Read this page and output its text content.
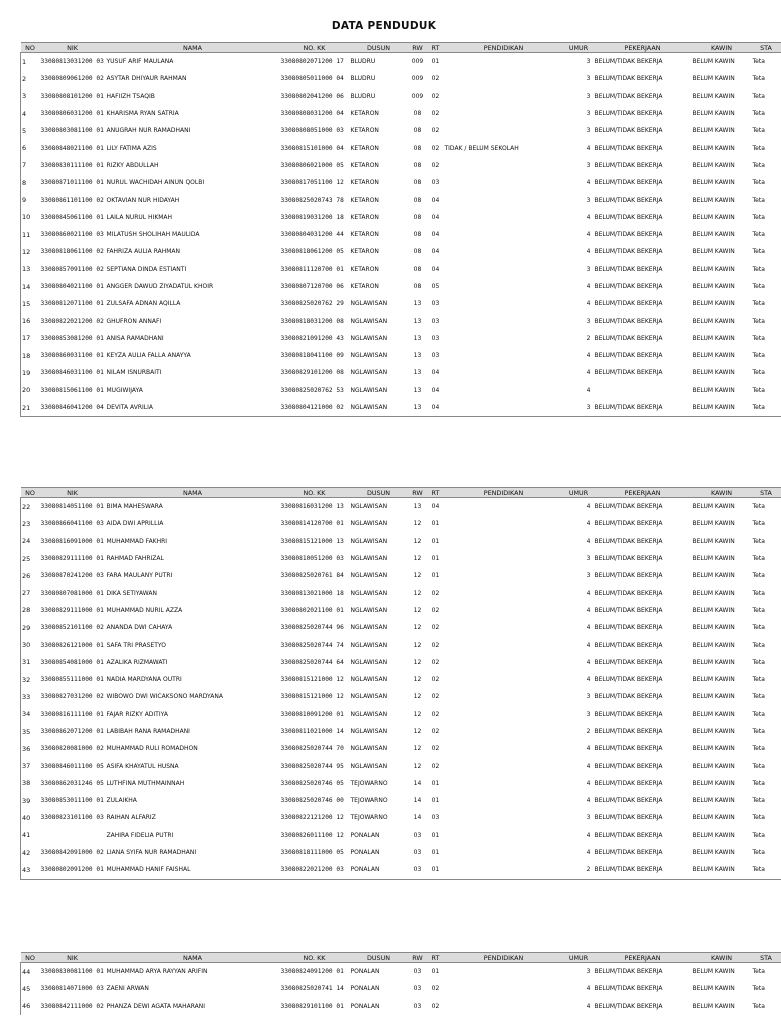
DATA PENDUDUK
NO	NIK	NAMA	NO. KK	DUSUN	RW	RT	PENDIDIKAN	UMUR	PEKERJAAN	KAWIN	STA
1	33080813031200 03	YUSUF ARIF MAULANA	33080802071200 17	BLUDRU	009	01		3	BELUM/TIDAK BEKERJA	BELUM KAWIN	Teta
2	33080809061200 02	ASYTAR DHIYAUR RAHMAN	33080805011000 04	BLUDRU	009	02		3	BELUM/TIDAK BEKERJA	BELUM KAWIN	Teta
3	33080808101200 01	HAFIIZH TSAQIB	33080802041200 06	BLUDRU	009	02		3	BELUM/TIDAK BEKERJA	BELUM KAWIN	Teta
4	33080806031200 01	KHARISMA RYAN SATRIA	33080808031200 04	KETARON	08	02		3	BELUM/TIDAK BEKERJA	BELUM KAWIN	Teta
5	33080803081100 01	ANUGRAH NUR RAMADHANI	33080808051000 03	KETARON	08	02		3	BELUM/TIDAK BEKERJA	BELUM KAWIN	Teta
6	33080848021100 01	LILY FATIMA AZIS	33080815101000 04	KETARON	08	02	TIDAK / BELUM SEKOLAH	4	BELUM/TIDAK BEKERJA	BELUM KAWIN	Teta
7	33080830111100 01	RIZKY ABDULLAH	33080806021000 05	KETARON	08	02		3	BELUM/TIDAK BEKERJA	BELUM KAWIN	Teta
8	33080871011100 01	NURUL WACHIDAH AINUN QOLBI	33080817051100 12	KETARON	08	03		4	BELUM/TIDAK BEKERJA	BELUM KAWIN	Teta
9	33080861101100 02	OKTAVIAN NUR HIDAYAH	33080825020743 78	KETARON	08	04		3	BELUM/TIDAK BEKERJA	BELUM KAWIN	Teta
10	33080845061100 01	LAILA NURUL HIKMAH	33080819031200 18	KETARON	08	04		4	BELUM/TIDAK BEKERJA	BELUM KAWIN	Teta
11	33080860021100 03	MILATUSH SHOLIHAH MAULIDA	33080804031200 44	KETARON	08	04		4	BELUM/TIDAK BEKERJA	BELUM KAWIN	Teta
12	33080818061100 02	FAHRIZA AULIA RAHMAN	33080818061200 05	KETARON	08	04		4	BELUM/TIDAK BEKERJA	BELUM KAWIN	Teta
13	33080857091100 02	SEPTIANA DINDA ESTIANTI	33080811120700 01	KETARON	08	04		3	BELUM/TIDAK BEKERJA	BELUM KAWIN	Teta
14	33080804021100 01	ANGGER DAWUD ZIYADATUL KHOIR	33080807120700 06	KETARON	08	05		4	BELUM/TIDAK BEKERJA	BELUM KAWIN	Teta
15	33080812071100 01	ZULSAFA ADNAN AQILLA	33080825020762 29	NGLAWISAN	13	03		4	BELUM/TIDAK BEKERJA	BELUM KAWIN	Teta
16	33080822021200 02	GHUFRON ANNAFI	33080818031200 08	NGLAWISAN	13	03		3	BELUM/TIDAK BEKERJA	BELUM KAWIN	Teta
17	33080853081200 01	ANISA RAMADHANI	33080821091200 43	NGLAWISAN	13	03		2	BELUM/TIDAK BEKERJA	BELUM KAWIN	Teta
18	33080860031100 01	KEYZA AULIA FALLA ANAYYA	33080818041100 09	NGLAWISAN	13	03		4	BELUM/TIDAK BEKERJA	BELUM KAWIN	Teta
19	33080846031100 01	NILAM ISNURBAITI	33080829101200 08	NGLAWISAN	13	04		4	BELUM/TIDAK BEKERJA	BELUM KAWIN	Teta
20	33080815061100 01	MUGIWIJAYA	33080825020762 53	NGLAWISAN	13	04		4		BELUM KAWIN	Teta
21	33080846041200 04	DEVITA AVRILIA	33080804121000 02	NGLAWISAN	13	04		3	BELUM/TIDAK BEKERJA	BELUM KAWIN	Teta
NO	NIK	NAMA	NO. KK	DUSUN	RW	RT	PENDIDIKAN	UMUR	PEKERJAAN	KAWIN	STA
22	33080814051100 01	BIMA MAHESWARA	33080816031200 13	NGLAWISAN	13	04		4	BELUM/TIDAK BEKERJA	BELUM KAWIN	Teta
23	33080866041100 03	AIDA DWI APRILLIA	33080814120700 01	NGLAWISAN	12	01		4	BELUM/TIDAK BEKERJA	BELUM KAWIN	Teta
24	33080816091000 01	MUHAMMAD FAKHRI	33080815121000 13	NGLAWISAN	12	01		4	BELUM/TIDAK BEKERJA	BELUM KAWIN	Teta
25	33080829111100 01	RAHMAD FAHRIZAL	33080810051200 03	NGLAWISAN	12	01		3	BELUM/TIDAK BEKERJA	BELUM KAWIN	Teta
26	33080870241200 03	FARA MAULANY PUTRI	33080825020761 84	NGLAWISAN	12	01		3	BELUM/TIDAK BEKERJA	BELUM KAWIN	Teta
27	33080807081000 01	DIKA SETIYAWAN	33080813021000 18	NGLAWISAN	12	02		4	BELUM/TIDAK BEKERJA	BELUM KAWIN	Teta
28	33080829111000 01	MUHAMMAD NURIL AZZA	33080802021100 01	NGLAWISAN	12	02		4	BELUM/TIDAK BEKERJA	BELUM KAWIN	Teta
29	33080852101100 02	ANANDA DWI CAHAYA	33080825020744 96	NGLAWISAN	12	02		4	BELUM/TIDAK BEKERJA	BELUM KAWIN	Teta
30	33080826121000 01	SAFA TRI PRASETYO	33080825020744 74	NGLAWISAN	12	02		4	BELUM/TIDAK BEKERJA	BELUM KAWIN	Teta
31	33080854081000 01	AZALIKA RIZMAWATI	33080825020744 64	NGLAWISAN	12	02		4	BELUM/TIDAK BEKERJA	BELUM KAWIN	Teta
32	33080855111000 01	NADIA MARDYANA OUTRI	33080815121000 12	NGLAWISAN	12	02		4	BELUM/TIDAK BEKERJA	BELUM KAWIN	Teta
33	33080827031200 02	WIBOWO DWI WICAKSONO MARDYANA	33080815121000 12	NGLAWISAN	12	02		3	BELUM/TIDAK BEKERJA	BELUM KAWIN	Teta
34	33080816111100 01	FAJAR RIZKY ADITIYA	33080810091200 01	NGLAWISAN	12	02		3	BELUM/TIDAK BEKERJA	BELUM KAWIN	Teta
35	33080862071200 01	LABIBAH RANA RAMADHANI	33080811021000 14	NGLAWISAN	12	02		2	BELUM/TIDAK BEKERJA	BELUM KAWIN	Teta
36	33080820081000 02	MUHAMMAD RULI ROMADHON	33080825020744 70	NGLAWISAN	12	02		4	BELUM/TIDAK BEKERJA	BELUM KAWIN	Teta
37	33080846011100 05	ASIFA KHAYATUL HUSNA	33080825020744 95	NGLAWISAN	12	02		4	BELUM/TIDAK BEKERJA	BELUM KAWIN	Teta
38	33080862031246 05	LUTHFINA MUTHMAINNAH	33080825020746 05	TEJOWARNO	14	01		4	BELUM/TIDAK BEKERJA	BELUM KAWIN	Teta
39	33080853011100 01	ZULAIKHA	33080825020746 00	TEJOWARNO	14	01		4	BELUM/TIDAK BEKERJA	BELUM KAWIN	Teta
40	33080823101100 03	RAIHAN ALFARIZ	33080822121200 12	TEJOWARNO	14	03		3	BELUM/TIDAK BEKERJA	BELUM KAWIN	Teta
41		ZAHIRA FIDELIA PUTRI	33080826011100 12	PONALAN	03	01		4	BELUM/TIDAK BEKERJA	BELUM KAWIN	Teta
42	33080842091000 02	LIANA SYIFA NUR RAMADHANI	33080818111000 05	PONALAN	03	01		4	BELUM/TIDAK BEKERJA	BELUM KAWIN	Teta
43	33080802091200 01	MUHAMMAD HANIF FAISHAL	33080822021200 03	PONALAN	03	01		2	BELUM/TIDAK BEKERJA	BELUM KAWIN	Teta
NO	NIK	NAMA	NO. KK	DUSUN	RW	RT	PENDIDIKAN	UMUR	PEKERJAAN	KAWIN	STA
44	33080830081100 01	MUHAMMAD ARYA RAYYAN ARIFIN	33080824091200 01	PONALAN	03	01		3	BELUM/TIDAK BEKERJA	BELUM KAWIN	Teta
45	33080814071000 03	ZAENI ARWAN	33080825020741 14	PONALAN	03	02		4	BELUM/TIDAK BEKERJA	BELUM KAWIN	Teta
46	33080842111000 02	PHANZA DEWI AGATA MAHARANI	33080829101100 01	PONALAN	03	02		4	BELUM/TIDAK BEKERJA	BELUM KAWIN	Teta
